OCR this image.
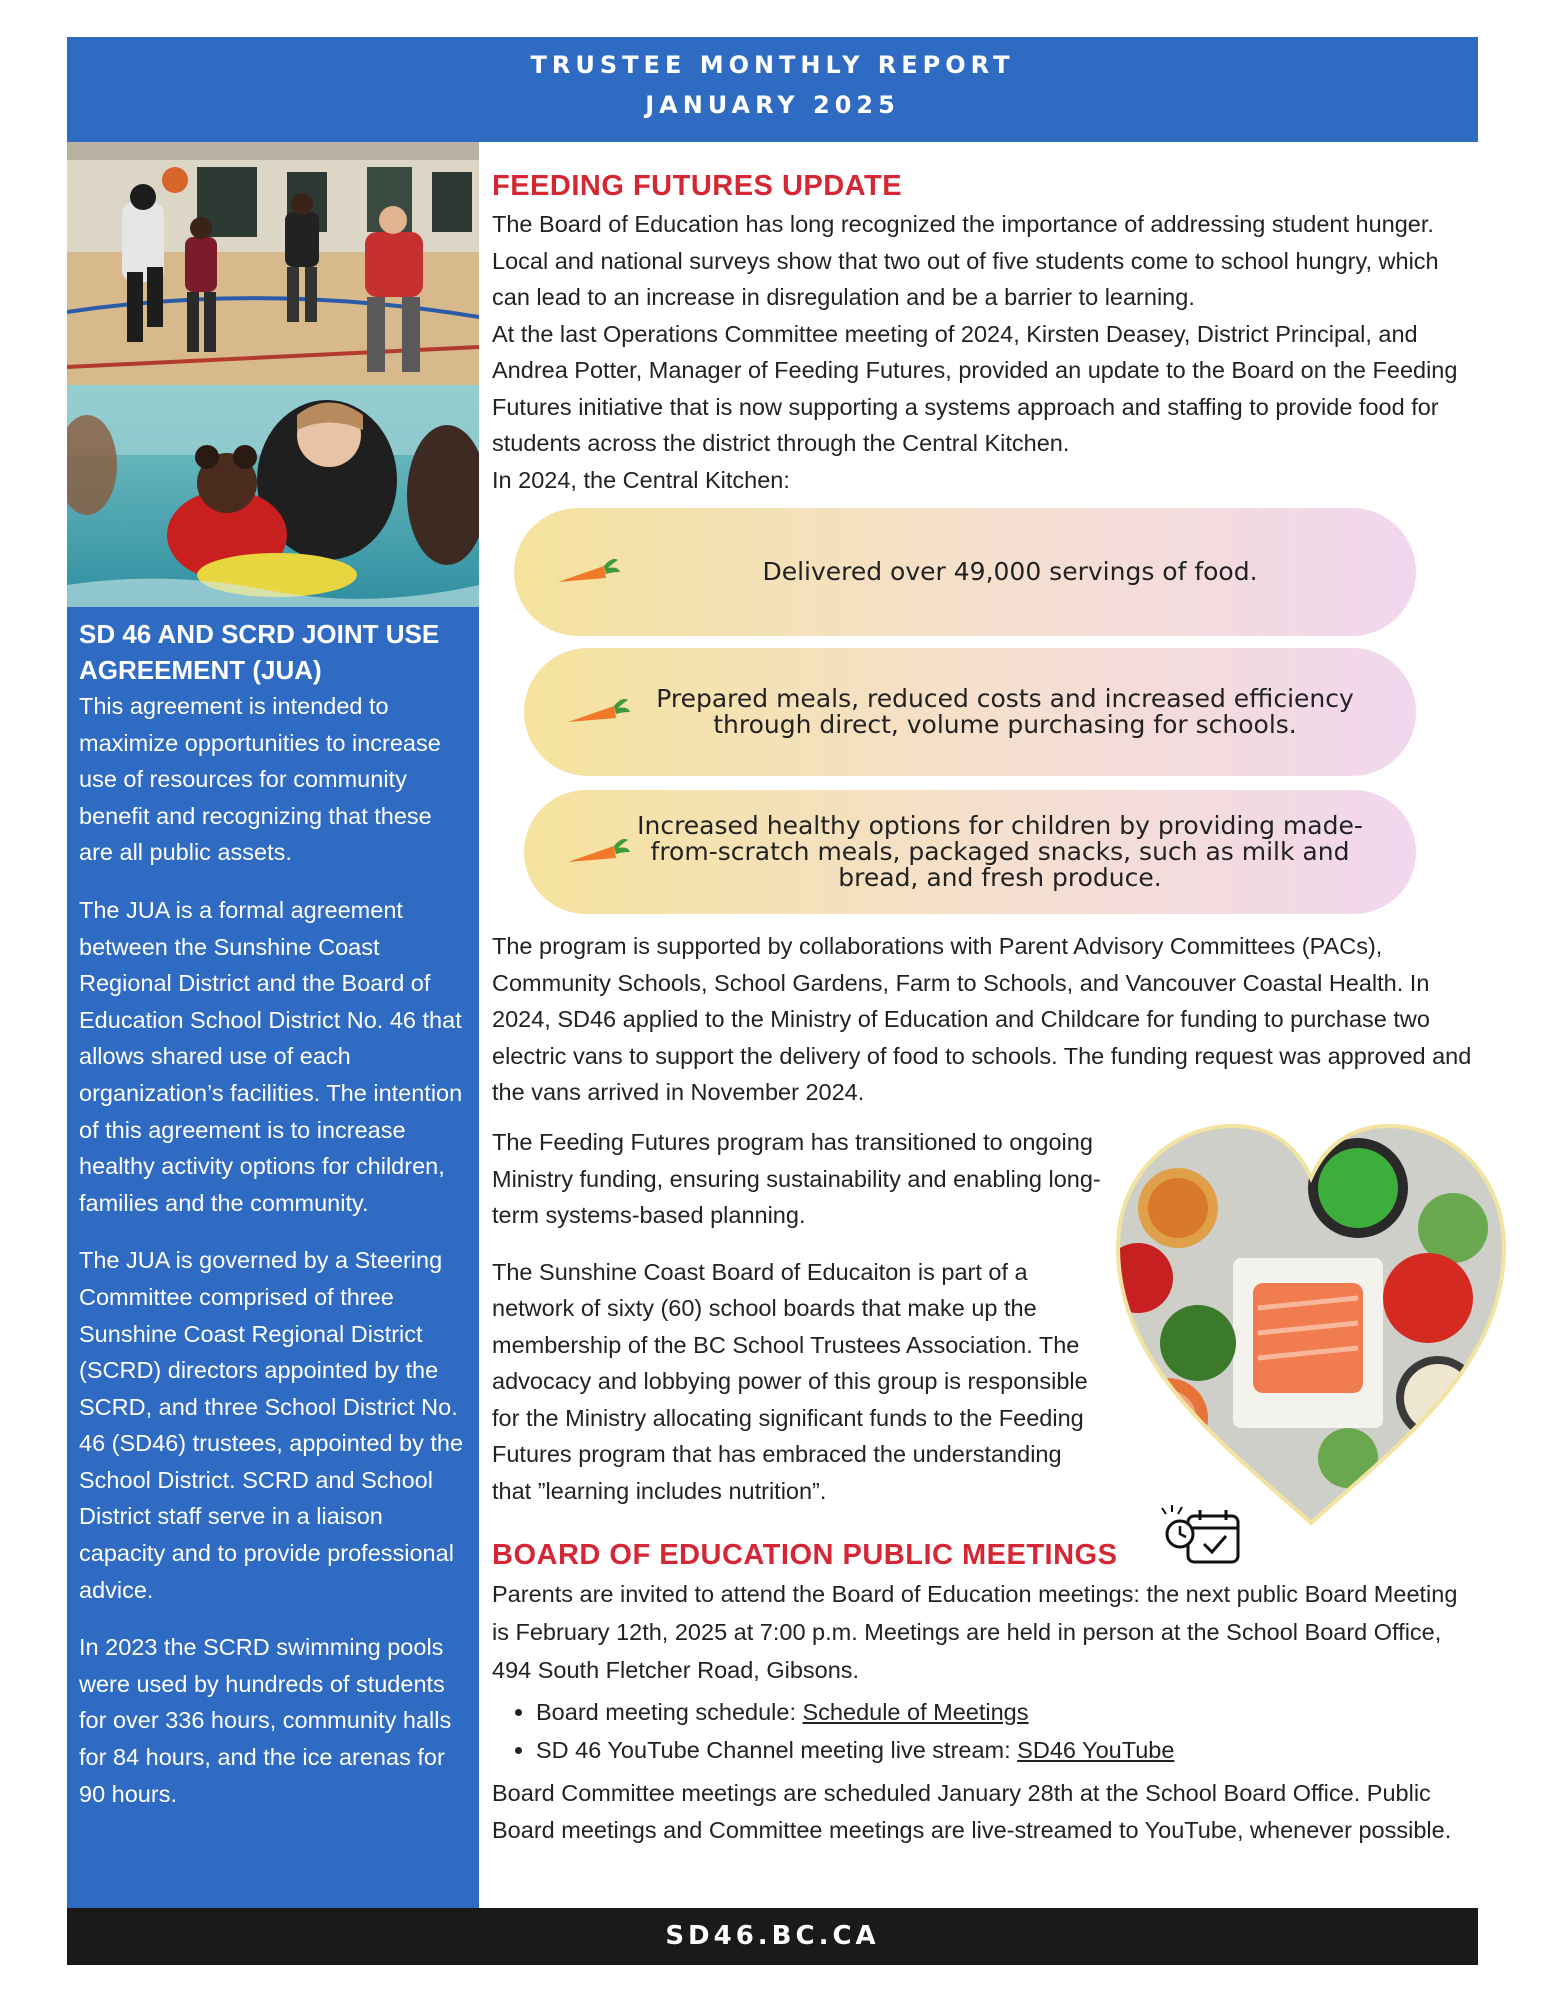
TRUSTEE MONTHLY REPORT
JANUARY 2025
SD 46 AND SCRD JOINT USE AGREEMENT (JUA)

This agreement is intended to maximize opportunities to increase use of resources for community benefit and recognizing that these are all public assets.

The JUA is a formal agreement between the Sunshine Coast Regional District and the Board of Education School District No. 46 that allows shared use of each organization’s facilities. The intention of this agreement is to increase healthy activity options for children, families and the community.

The JUA is governed by a Steering Committee comprised of three Sunshine Coast Regional District (SCRD) directors appointed by the SCRD, and three School District No. 46 (SD46) trustees, appointed by the School District. SCRD and School District staff serve in a liaison capacity and to provide professional advice.

In 2023 the SCRD swimming pools were used by hundreds of students for over 336 hours, community halls for 84 hours, and the ice arenas for 90 hours.

FEEDING FUTURES UPDATE

The Board of Education has long recognized the importance of addressing student hunger. Local and national surveys show that two out of five students come to school hungry, which can lead to an increase in disregulation and be a barrier to learning.

At the last Operations Committee meeting of 2024, Kirsten Deasey, District Principal, and Andrea Potter, Manager of Feeding Futures, provided an update to the Board on the Feeding Futures initiative that is now supporting a systems approach and staffing to provide food for students across the district through the Central Kitchen.

In 2024, the Central Kitchen:

Delivered over 49,000 servings of food.
Prepared meals, reduced costs and increased efficiency through direct, volume purchasing for schools.
Increased healthy options for children by providing made-from-scratch meals, packaged snacks, such as milk and bread, and fresh produce.

The program is supported by collaborations with Parent Advisory Committees (PACs), Community Schools, School Gardens, Farm to Schools, and Vancouver Coastal Health. In 2024, SD46 applied to the Ministry of Education and Childcare for funding to purchase two electric vans to support the delivery of food to schools. The funding request was approved and the vans arrived in November 2024.

The Feeding Futures program has transitioned to ongoing Ministry funding, ensuring sustainability and enabling long-term systems-based planning.

The Sunshine Coast Board of Educaiton is part of a network of sixty (60) school boards that make up the membership of the BC School Trustees Association. The advocacy and lobbying power of this group is responsible for the Ministry allocating significant funds to the Feeding Futures program that has embraced the understanding that ”learning includes nutrition”.

BOARD OF EDUCATION PUBLIC MEETINGS

Parents are invited to attend the Board of Education meetings: the next public Board Meeting is February 12th, 2025 at 7:00 p.m. Meetings are held in person at the School Board Office, 494 South Fletcher Road, Gibsons.

• Board meeting schedule: Schedule of Meetings
• SD 46 YouTube Channel meeting live stream: SD46 YouTube

Board Committee meetings are scheduled January 28th at the School Board Office. Public Board meetings and Committee meetings are live-streamed to YouTube, whenever possible.

SD46.BC.CA
